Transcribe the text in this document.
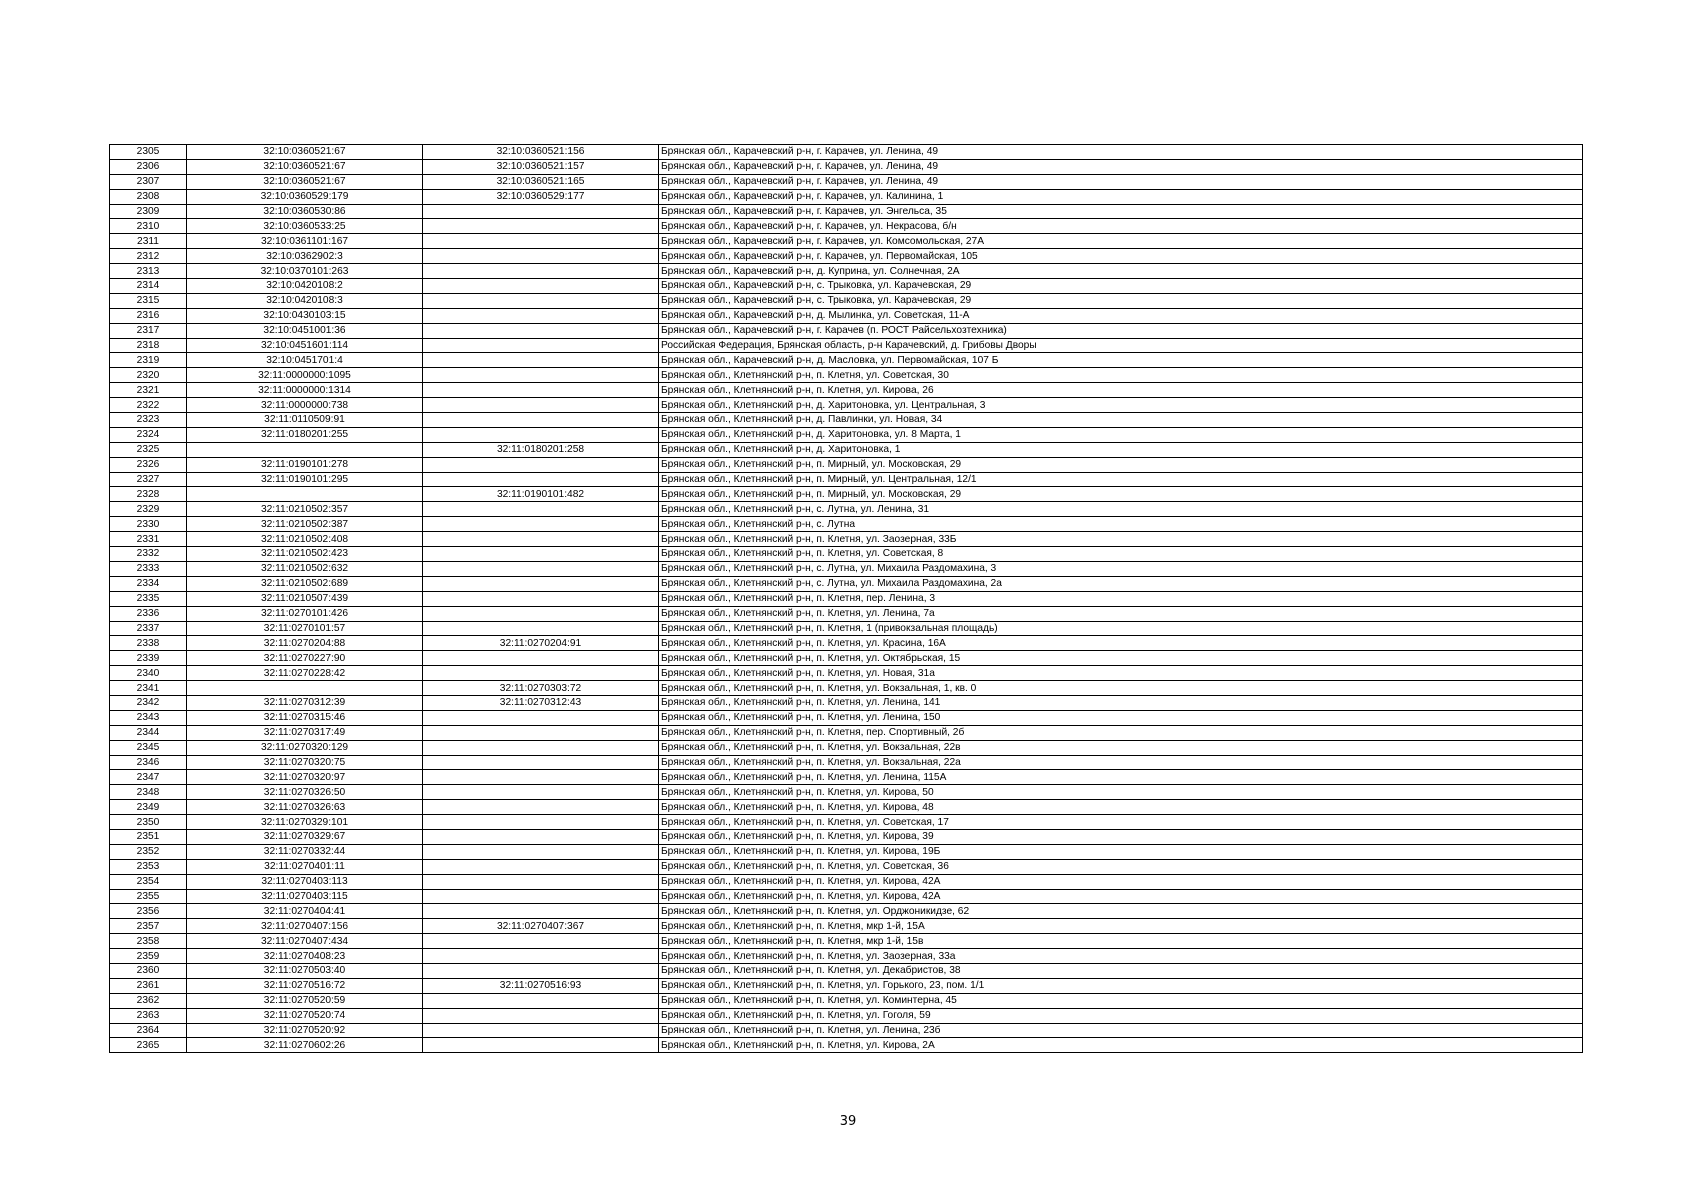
2305	32:10:0360521:67	32:10:0360521:156	Брянская обл., Карачевский р-н, г. Карачев, ул. Ленина, 49
2306	32:10:0360521:67	32:10:0360521:157	Брянская обл., Карачевский р-н, г. Карачев, ул. Ленина, 49
2307	32:10:0360521:67	32:10:0360521:165	Брянская обл., Карачевский р-н, г. Карачев, ул. Ленина, 49
2308	32:10:0360529:179	32:10:0360529:177	Брянская обл., Карачевский р-н, г. Карачев, ул. Калинина, 1
2309	32:10:0360530:86		Брянская обл., Карачевский р-н, г. Карачев, ул. Энгельса, 35
2310	32:10:0360533:25		Брянская обл., Карачевский р-н, г. Карачев, ул. Некрасова, б/н
2311	32:10:0361101:167		Брянская обл., Карачевский р-н, г. Карачев, ул. Комсомольская, 27А
2312	32:10:0362902:3		Брянская обл., Карачевский р-н, г. Карачев, ул. Первомайская, 105
2313	32:10:0370101:263		Брянская обл., Карачевский р-н, д. Куприна, ул. Солнечная, 2А
2314	32:10:0420108:2		Брянская обл., Карачевский р-н, с. Трыковка, ул. Карачевская, 29
2315	32:10:0420108:3		Брянская обл., Карачевский р-н, с. Трыковка, ул. Карачевская, 29
2316	32:10:0430103:15		Брянская обл., Карачевский р-н, д. Мылинка, ул. Советская, 11-А
2317	32:10:0451001:36		Брянская обл., Карачевский р-н, г. Карачев (п. РОСТ Райсельхозтехника)
2318	32:10:0451601:114		Российская Федерация, Брянская область, р-н Карачевский, д. Грибовы Дворы
2319	32:10:0451701:4		Брянская обл., Карачевский р-н, д. Масловка, ул. Первомайская, 107 Б
2320	32:11:0000000:1095		Брянская обл., Клетнянский р-н, п. Клетня, ул. Советская, 30
2321	32:11:0000000:1314		Брянская обл., Клетнянский р-н, п. Клетня, ул. Кирова, 26
2322	32:11:0000000:738		Брянская обл., Клетнянский р-н, д. Харитоновка, ул. Центральная, 3
2323	32:11:0110509:91		Брянская обл., Клетнянский р-н, д. Павлинки, ул. Новая, 34
2324	32:11:0180201:255		Брянская обл., Клетнянский р-н, д. Харитоновка, ул. 8 Марта, 1
2325		32:11:0180201:258	Брянская обл., Клетнянский р-н, д. Харитоновка, 1
2326	32:11:0190101:278		Брянская обл., Клетнянский р-н, п. Мирный, ул. Московская, 29
2327	32:11:0190101:295		Брянская обл., Клетнянский р-н, п. Мирный, ул. Центральная, 12/1
2328		32:11:0190101:482	Брянская обл., Клетнянский р-н, п. Мирный, ул. Московская, 29
2329	32:11:0210502:357		Брянская обл., Клетнянский р-н, с. Лутна, ул. Ленина, 31
2330	32:11:0210502:387		Брянская обл., Клетнянский р-н, с. Лутна
2331	32:11:0210502:408		Брянская обл., Клетнянский р-н, п. Клетня, ул. Заозерная, 33Б
2332	32:11:0210502:423		Брянская обл., Клетнянский р-н, п. Клетня, ул. Советская, 8
2333	32:11:0210502:632		Брянская обл., Клетнянский р-н, с. Лутна, ул. Михаила Раздомахина, 3
2334	32:11:0210502:689		Брянская обл., Клетнянский р-н, с. Лутна, ул. Михаила Раздомахина, 2а
2335	32:11:0210507:439		Брянская обл., Клетнянский р-н, п. Клетня, пер. Ленина, 3
2336	32:11:0270101:426		Брянская обл., Клетнянский р-н, п. Клетня, ул. Ленина, 7а
2337	32:11:0270101:57		Брянская обл., Клетнянский р-н, п. Клетня, 1 (привокзальная площадь)
2338	32:11:0270204:88	32:11:0270204:91	Брянская обл., Клетнянский р-н, п. Клетня, ул. Красина, 16А
2339	32:11:0270227:90		Брянская обл., Клетнянский р-н, п. Клетня, ул. Октябрьская, 15
2340	32:11:0270228:42		Брянская обл., Клетнянский р-н, п. Клетня, ул. Новая, 31а
2341		32:11:0270303:72	Брянская обл., Клетнянский р-н, п. Клетня, ул. Вокзальная, 1, кв. 0
2342	32:11:0270312:39	32:11:0270312:43	Брянская обл., Клетнянский р-н, п. Клетня, ул. Ленина, 141
2343	32:11:0270315:46		Брянская обл., Клетнянский р-н, п. Клетня, ул. Ленина, 150
2344	32:11:0270317:49		Брянская обл., Клетнянский р-н, п. Клетня, пер. Спортивный, 2б
2345	32:11:0270320:129		Брянская обл., Клетнянский р-н, п. Клетня, ул. Вокзальная, 22в
2346	32:11:0270320:75		Брянская обл., Клетнянский р-н, п. Клетня, ул. Вокзальная, 22а
2347	32:11:0270320:97		Брянская обл., Клетнянский р-н, п. Клетня, ул. Ленина, 115А
2348	32:11:0270326:50		Брянская обл., Клетнянский р-н, п. Клетня, ул. Кирова, 50
2349	32:11:0270326:63		Брянская обл., Клетнянский р-н, п. Клетня, ул. Кирова, 48
2350	32:11:0270329:101		Брянская обл., Клетнянский р-н, п. Клетня, ул. Советская, 17
2351	32:11:0270329:67		Брянская обл., Клетнянский р-н, п. Клетня, ул. Кирова, 39
2352	32:11:0270332:44		Брянская обл., Клетнянский р-н, п. Клетня, ул. Кирова, 19Б
2353	32:11:0270401:11		Брянская обл., Клетнянский р-н, п. Клетня, ул. Советская, 36
2354	32:11:0270403:113		Брянская обл., Клетнянский р-н, п. Клетня, ул. Кирова, 42А
2355	32:11:0270403:115		Брянская обл., Клетнянский р-н, п. Клетня, ул. Кирова, 42А
2356	32:11:0270404:41		Брянская обл., Клетнянский р-н, п. Клетня, ул. Орджоникидзе, 62
2357	32:11:0270407:156	32:11:0270407:367	Брянская обл., Клетнянский р-н, п. Клетня, мкр 1-й, 15А
2358	32:11:0270407:434		Брянская обл., Клетнянский р-н, п. Клетня, мкр 1-й, 15в
2359	32:11:0270408:23		Брянская обл., Клетнянский р-н, п. Клетня, ул. Заозерная, 33а
2360	32:11:0270503:40		Брянская обл., Клетнянский р-н, п. Клетня, ул. Декабристов, 38
2361	32:11:0270516:72	32:11:0270516:93	Брянская обл., Клетнянский р-н, п. Клетня, ул. Горького, 23, пом. 1/1
2362	32:11:0270520:59		Брянская обл., Клетнянский р-н, п. Клетня, ул. Коминтерна, 45
2363	32:11:0270520:74		Брянская обл., Клетнянский р-н, п. Клетня, ул. Гоголя, 59
2364	32:11:0270520:92		Брянская обл., Клетнянский р-н, п. Клетня, ул. Ленина, 23б
2365	32:11:0270602:26		Брянская обл., Клетнянский р-н, п. Клетня, ул. Кирова, 2А
39
